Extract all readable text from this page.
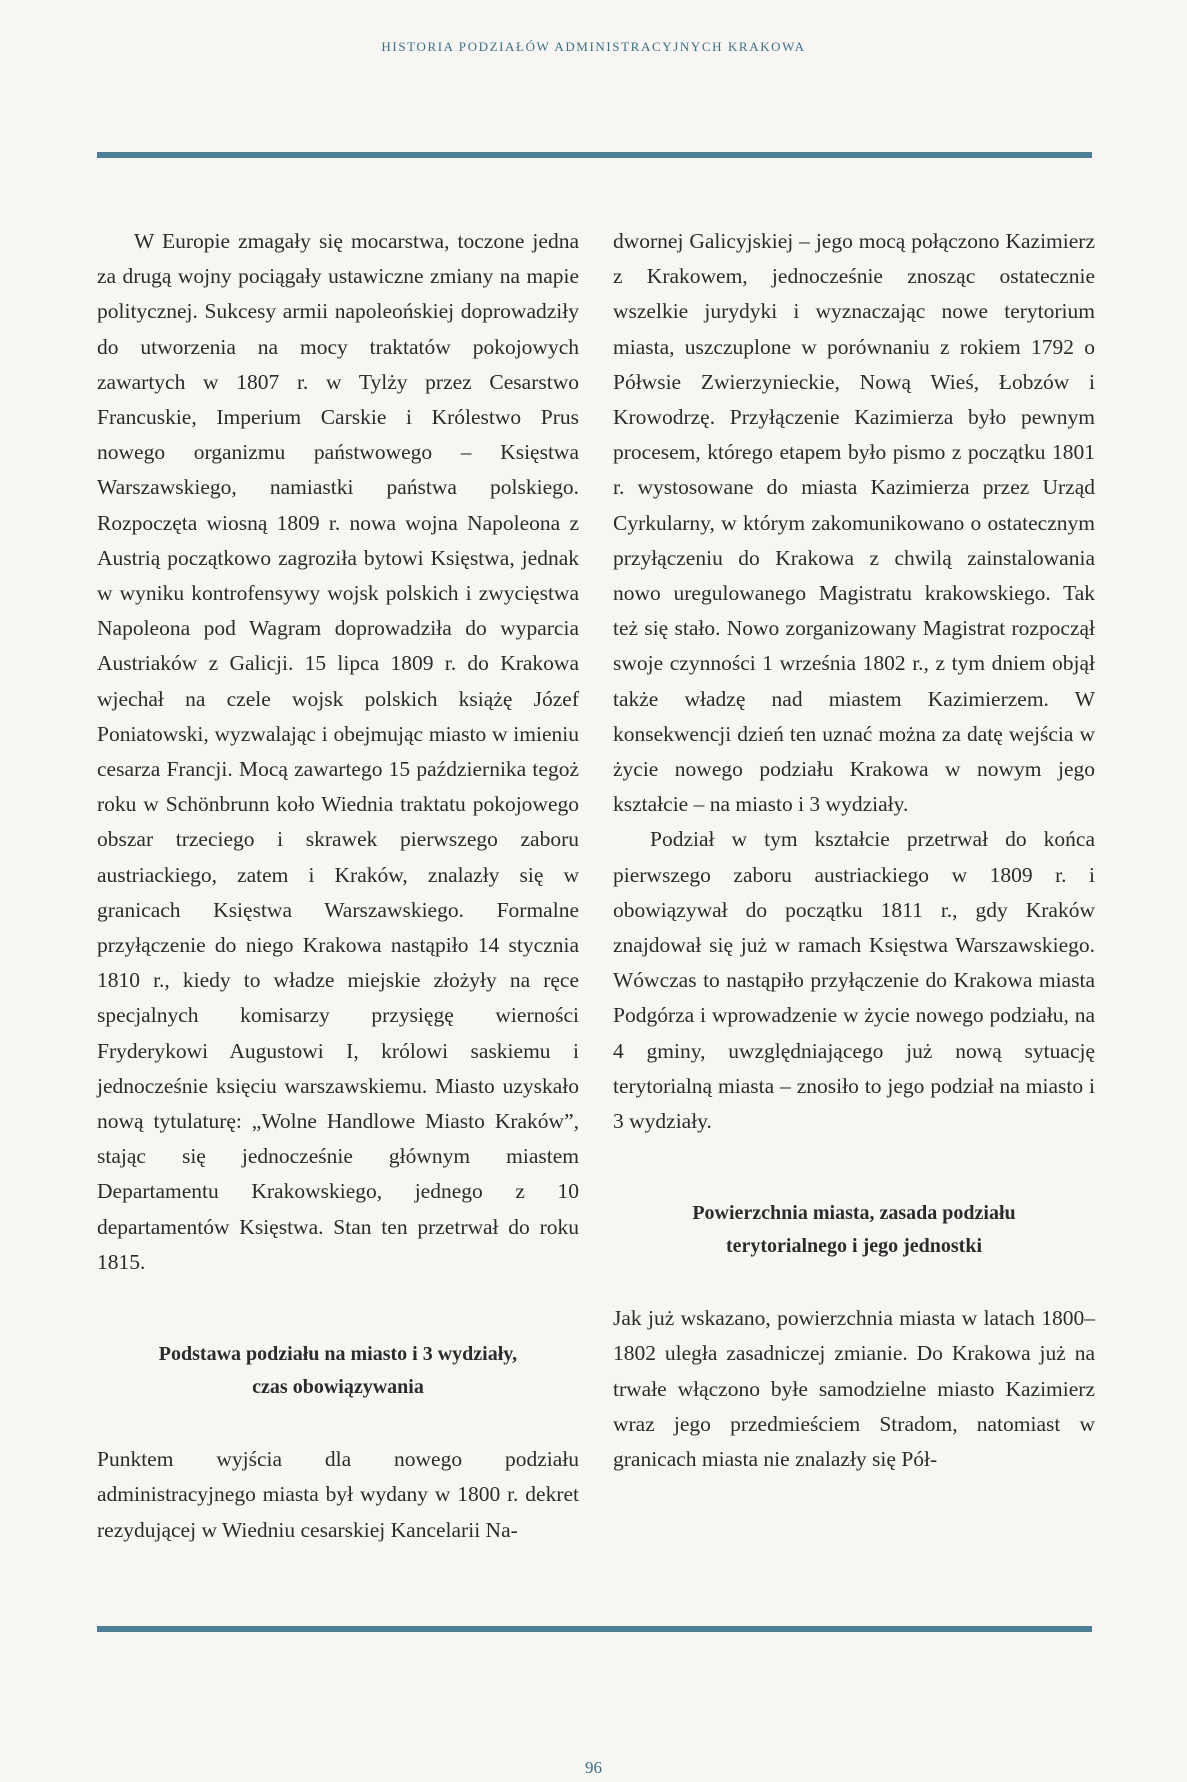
HISTORIA PODZIAŁÓW ADMINISTRACYJNYCH KRAKOWA

W Europie zmagały się mocarstwa, toczone jedna za drugą wojny pociągały ustawiczne zmiany na mapie politycznej. Sukcesy armii napoleońskiej doprowadziły do utworzenia na mocy traktatów pokojowych zawartych w 1807 r. w Tylży przez Cesarstwo Francuskie, Imperium Carskie i Królestwo Prus nowego organizmu państwowego – Księstwa Warszawskiego, namiastki państwa polskiego. Rozpoczęta wiosną 1809 r. nowa wojna Napoleona z Austrią początkowo zagroziła bytowi Księstwa, jednak w wyniku kontrofensywy wojsk polskich i zwycięstwa Napoleona pod Wagram doprowadziła do wyparcia Austriaków z Galicji. 15 lipca 1809 r. do Krakowa wjechał na czele wojsk polskich książę Józef Poniatowski, wyzwalając i obejmując miasto w imieniu cesarza Francji. Mocą zawartego 15 października tegoż roku w Schönbrunn koło Wiednia traktatu pokojowego obszar trzeciego i skrawek pierwszego zaboru austriackiego, zatem i Kraków, znalazły się w granicach Księstwa Warszawskiego. Formalne przyłączenie do niego Krakowa nastąpiło 14 stycznia 1810 r., kiedy to władze miejskie złożyły na ręce specjalnych komisarzy przysięgę wierności Fryderykowi Augustowi I, królowi saskiemu i jednocześnie księciu warszawskiemu. Miasto uzyskało nową tytulaturę: „Wolne Handlowe Miasto Kraków”, stając się jednocześnie głównym miastem Departamentu Krakowskiego, jednego z 10 departamentów Księstwa. Stan ten przetrwał do roku 1815.

Podstawa podziału na miasto i 3 wydziały,
czas obowiązywania

Punktem wyjścia dla nowego podziału administracyjnego miasta był wydany w 1800 r. dekret rezydującej w Wiedniu cesarskiej Kancelarii Na-

dwornej Galicyjskiej – jego mocą połączono Kazimierz z Krakowem, jednocześnie znosząc ostatecznie wszelkie jurydyki i wyznaczając nowe terytorium miasta, uszczuplone w porównaniu z rokiem 1792 o Półwsie Zwierzynieckie, Nową Wieś, Łobzów i Krowodrzę. Przyłączenie Kazimierza było pewnym procesem, którego etapem było pismo z początku 1801 r. wystosowane do miasta Kazimierza przez Urząd Cyrkularny, w którym zakomunikowano o ostatecznym przyłączeniu do Krakowa z chwilą zainstalowania nowo uregulowanego Magistratu krakowskiego. Tak też się stało. Nowo zorganizowany Magistrat rozpoczął swoje czynności 1 września 1802 r., z tym dniem objął także władzę nad miastem Kazimierzem. W konsekwencji dzień ten uznać można za datę wejścia w życie nowego podziału Krakowa w nowym jego kształcie – na miasto i 3 wydziały.

Podział w tym kształcie przetrwał do końca pierwszego zaboru austriackiego w 1809 r. i obowiązywał do początku 1811 r., gdy Kraków znajdował się już w ramach Księstwa Warszawskiego. Wówczas to nastąpiło przyłączenie do Krakowa miasta Podgórza i wprowadzenie w życie nowego podziału, na 4 gminy, uwzględniającego już nową sytuację terytorialną miasta – znosiło to jego podział na miasto i 3 wydziały.

Powierzchnia miasta, zasada podziału
terytorialnego i jego jednostki

Jak już wskazano, powierzchnia miasta w latach 1800–1802 uległa zasadniczej zmianie. Do Krakowa już na trwałe włączono byłe samodzielne miasto Kazimierz wraz jego przedmieściem Stradom, natomiast w granicach miasta nie znalazły się Pół-

96
